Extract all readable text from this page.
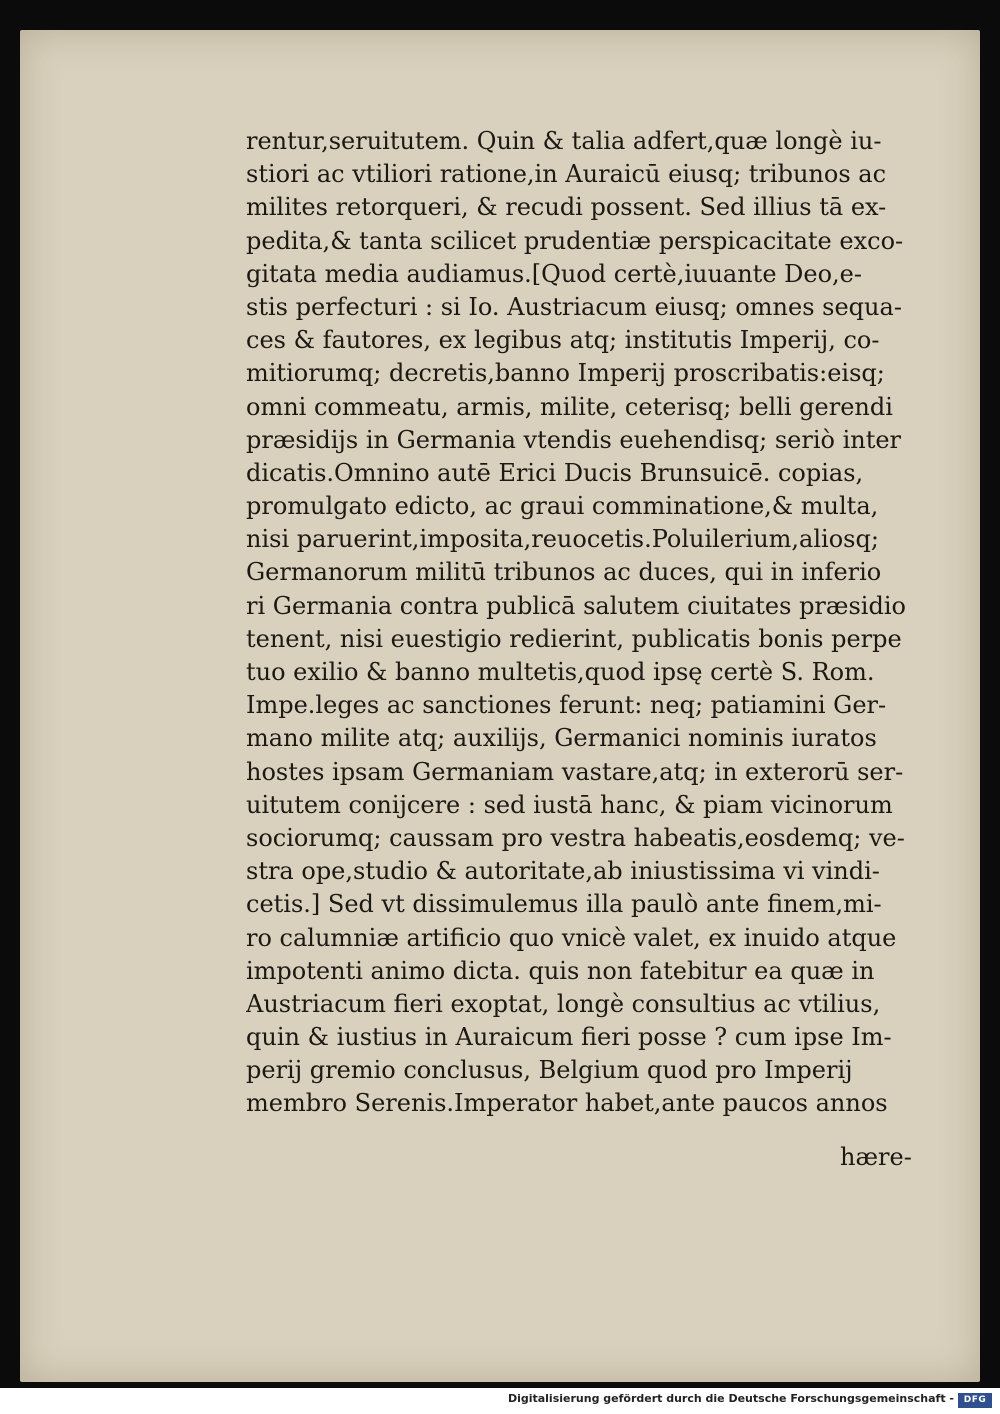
rentur,seruitutem. Quin & talia adfert,quæ longè iu-
stiori ac vtiliori ratione,in Auraicū eiusq; tribunos ac
milites retorqueri, & recudi possent. Sed illius tā ex-
pedita,& tanta scilicet prudentiæ perspicacitate exco-
gitata media audiamus.[Quod certè,iuuante Deo,e-
stis perfecturi : si Io. Austriacum eiusq; omnes sequa-
ces & fautores, ex legibus atq; institutis Imperij, co-
mitiorumq; decretis,banno Imperij proscribatis:eisq;
omni commeatu, armis, milite, ceterisq; belli gerendi
præsidijs in Germania vtendis euehendisq; seriò inter
dicatis.Omnino autē Erici Ducis Brunsuicē. copias,
promulgato edicto, ac graui comminatione,& multa,
nisi paruerint,imposita,reuocetis.Poluilerium,aliosq;
Germanorum militū tribunos ac duces, qui in inferio
ri Germania contra publicā salutem ciuitates præsidio
tenent, nisi euestigio redierint, publicatis bonis perpe
tuo exilio & banno multetis,quod ipsę certè S. Rom.
Impe.leges ac sanctiones ferunt: neq; patiamini Ger-
mano milite atq; auxilijs, Germanici nominis iuratos
hostes ipsam Germaniam vastare,atq; in exterorū ser-
uitutem conijcere : sed iustā hanc, & piam vicinorum
sociorumq; caussam pro vestra habeatis,eosdemq; ve-
stra ope,studio & autoritate,ab iniustissima vi vindi-
cetis.] Sed vt dissimulemus illa paulò ante finem,mi-
ro calumniæ artificio quo vnicè valet, ex inuido atque
impotenti animo dicta. quis non fatebitur ea quæ in
Austriacum fieri exoptat, longè consultius ac vtilius,
quin & iustius in Auraicum fieri posse ? cum ipse Im-
perij gremio conclusus, Belgium quod pro Imperij
membro Serenis.Imperator habet,ante paucos annos
hære-
Digitalisierung gefördert durch die Deutsche Forschungsgemeinschaft -	DFG
